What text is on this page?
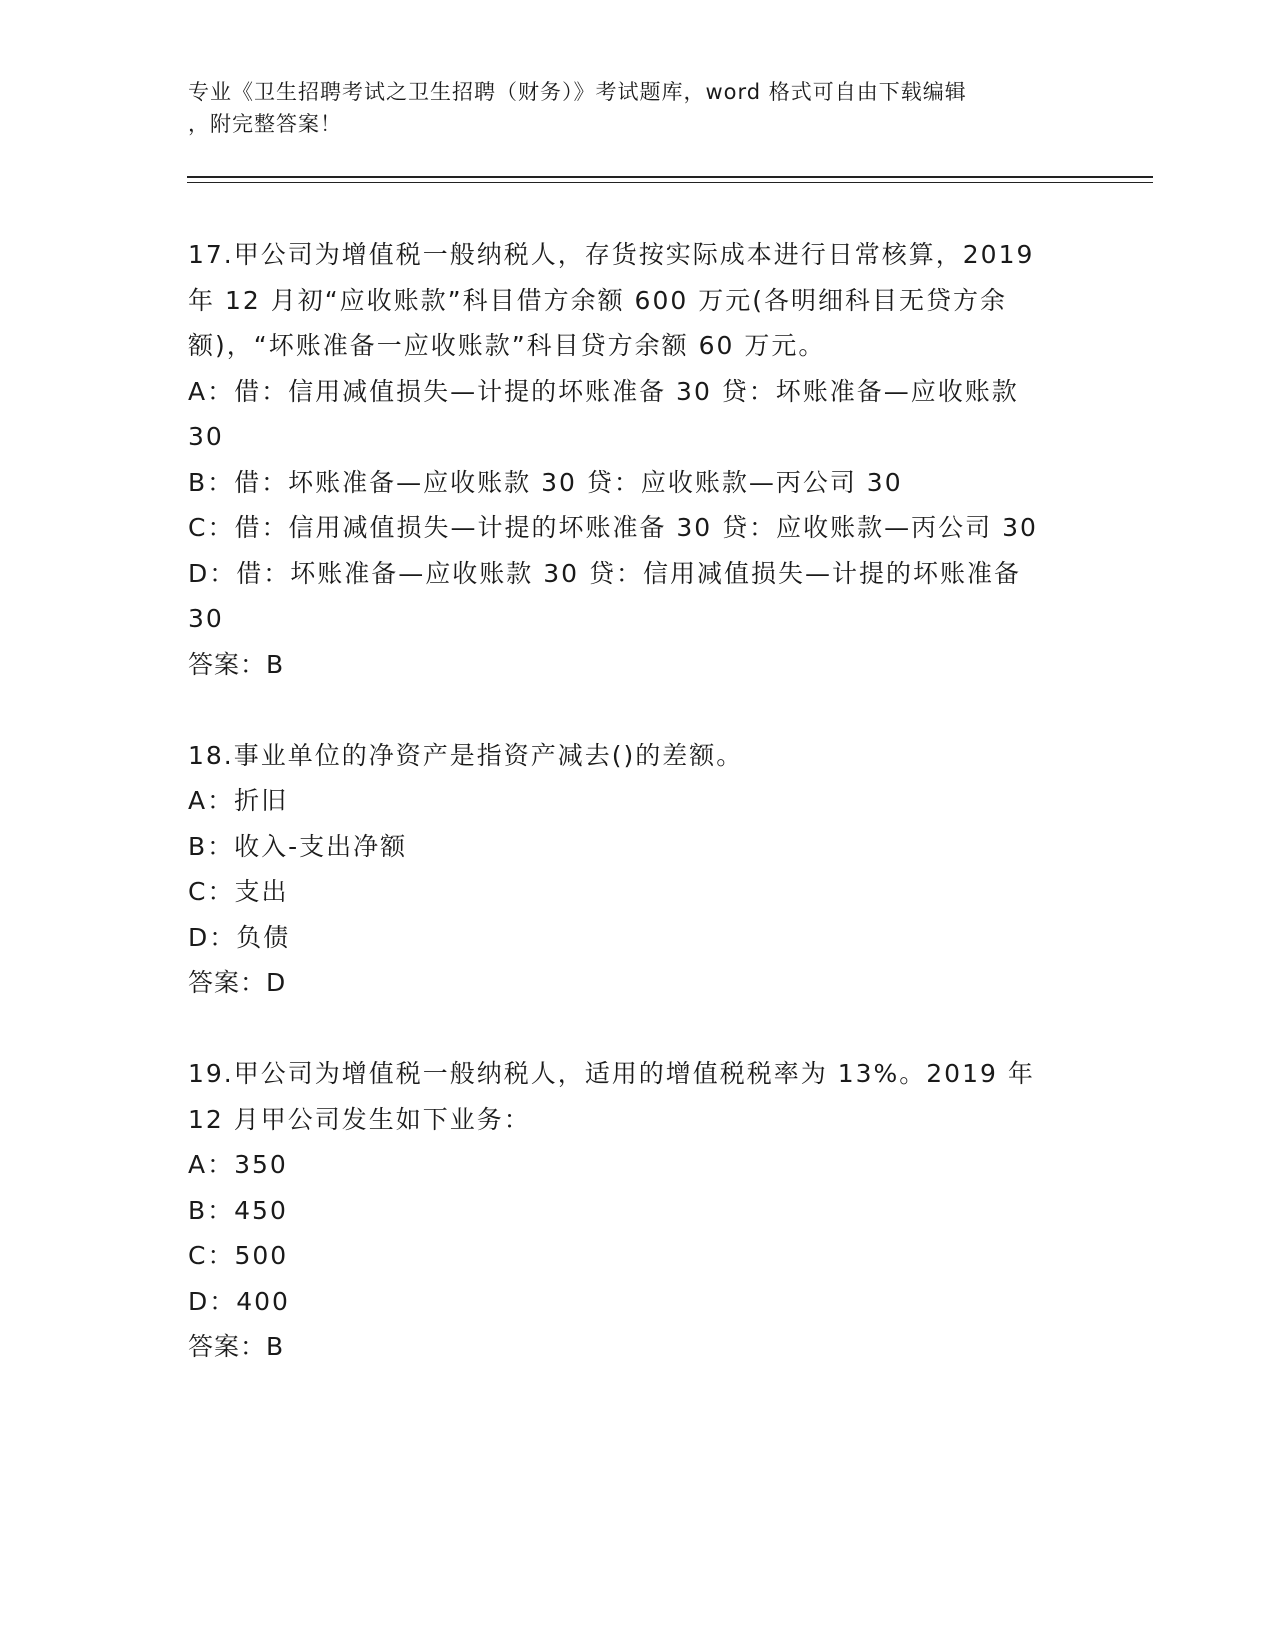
专业《卫生招聘考试之卫生招聘（财务）》考试题库，word 格式可自由下载编辑
，附完整答案！
17.甲公司为增值税一般纳税人，存货按实际成本进行日常核算，2019
年 12 月初“应收账款”科目借方余额 600 万元(各明细科目无贷方余
额)，“坏账准备一应收账款”科目贷方余额 60 万元。
A：借：信用减值损失—计提的坏账准备 30 贷：坏账准备—应收账款
30
B：借：坏账准备—应收账款 30 贷：应收账款—丙公司 30
C：借：信用减值损失—计提的坏账准备 30 贷：应收账款—丙公司 30
D：借：坏账准备—应收账款 30 贷：信用减值损失—计提的坏账准备
30
答案：B
18.事业单位的净资产是指资产减去()的差额。
A：折旧
B：收入-支出净额
C：支出
D：负债
答案：D
19.甲公司为增值税一般纳税人，适用的增值税税率为 13%。2019 年
12 月甲公司发生如下业务：
A：350
B：450
C：500
D：400
答案：B
